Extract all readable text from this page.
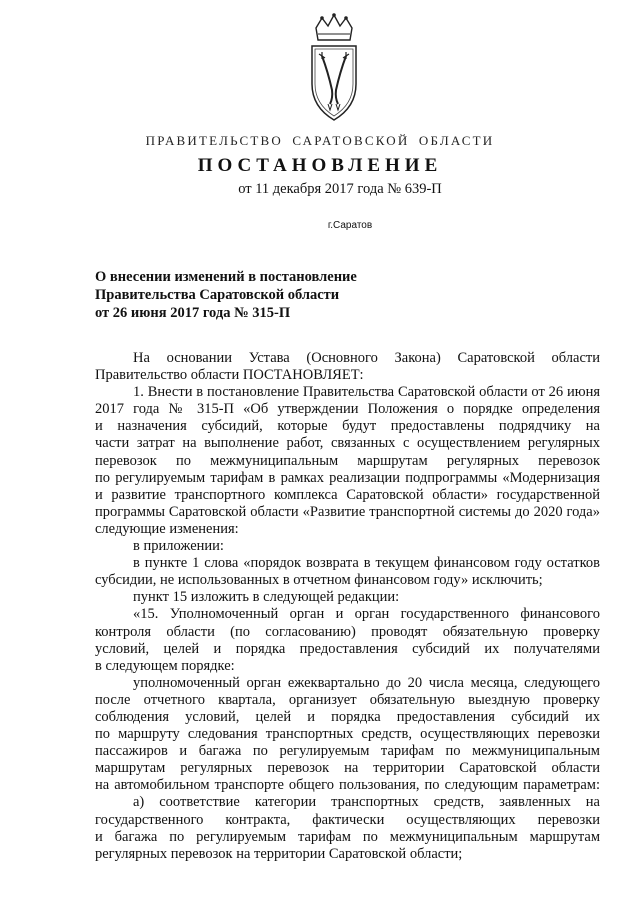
ПРАВИТЕЛЬСТВО САРАТОВСКОЙ ОБЛАСТИ
ПОСТАНОВЛЕНИЕ
от 11 декабря 2017 года № 639-П
г.Саратов
О внесении изменений в постановление
Правительства Саратовской области
от 26 июня 2017 года № 315-П
На основании Устава (Основного Закона) Саратовской области
Правительство области ПОСТАНОВЛЯЕТ:
1. Внести в постановление Правительства Саратовской области от 26 июня
2017 года № 315-П «Об утверждении Положения о порядке определения
и назначения субсидий, которые будут предоставлены подрядчику на
части затрат на выполнение работ, связанных с осуществлением регулярных
перевозок по межмуниципальным маршрутам регулярных перевозок
по регулируемым тарифам в рамках реализации подпрограммы «Модернизация
и развитие транспортного комплекса Саратовской области» государственной
программы Саратовской области «Развитие транспортной системы до 2020 года»
следующие изменения:
в приложении:
в пункте 1 слова «порядок возврата в текущем финансовом году остатков
субсидии, не использованных в отчетном финансовом году» исключить;
пункт 15 изложить в следующей редакции:
«15. Уполномоченный орган и орган государственного финансового
контроля области (по согласованию) проводят обязательную проверку
условий, целей и порядка предоставления субсидий их получателями
в следующем порядке:
уполномоченный орган ежеквартально до 20 числа месяца, следующего
после отчетного квартала, организует обязательную выездную проверку
соблюдения условий, целей и порядка предоставления субсидий их
по маршруту следования транспортных средств, осуществляющих перевозки
пассажиров и багажа по регулируемым тарифам по межмуниципальным
маршрутам регулярных перевозок на территории Саратовской области
на автомобильном транспорте общего пользования, по следующим параметрам:
а) соответствие категории транспортных средств, заявленных на
государственного контракта, фактически осуществляющих перевозки
и багажа по регулируемым тарифам по межмуниципальным маршрутам
регулярных перевозок на территории Саратовской области;
